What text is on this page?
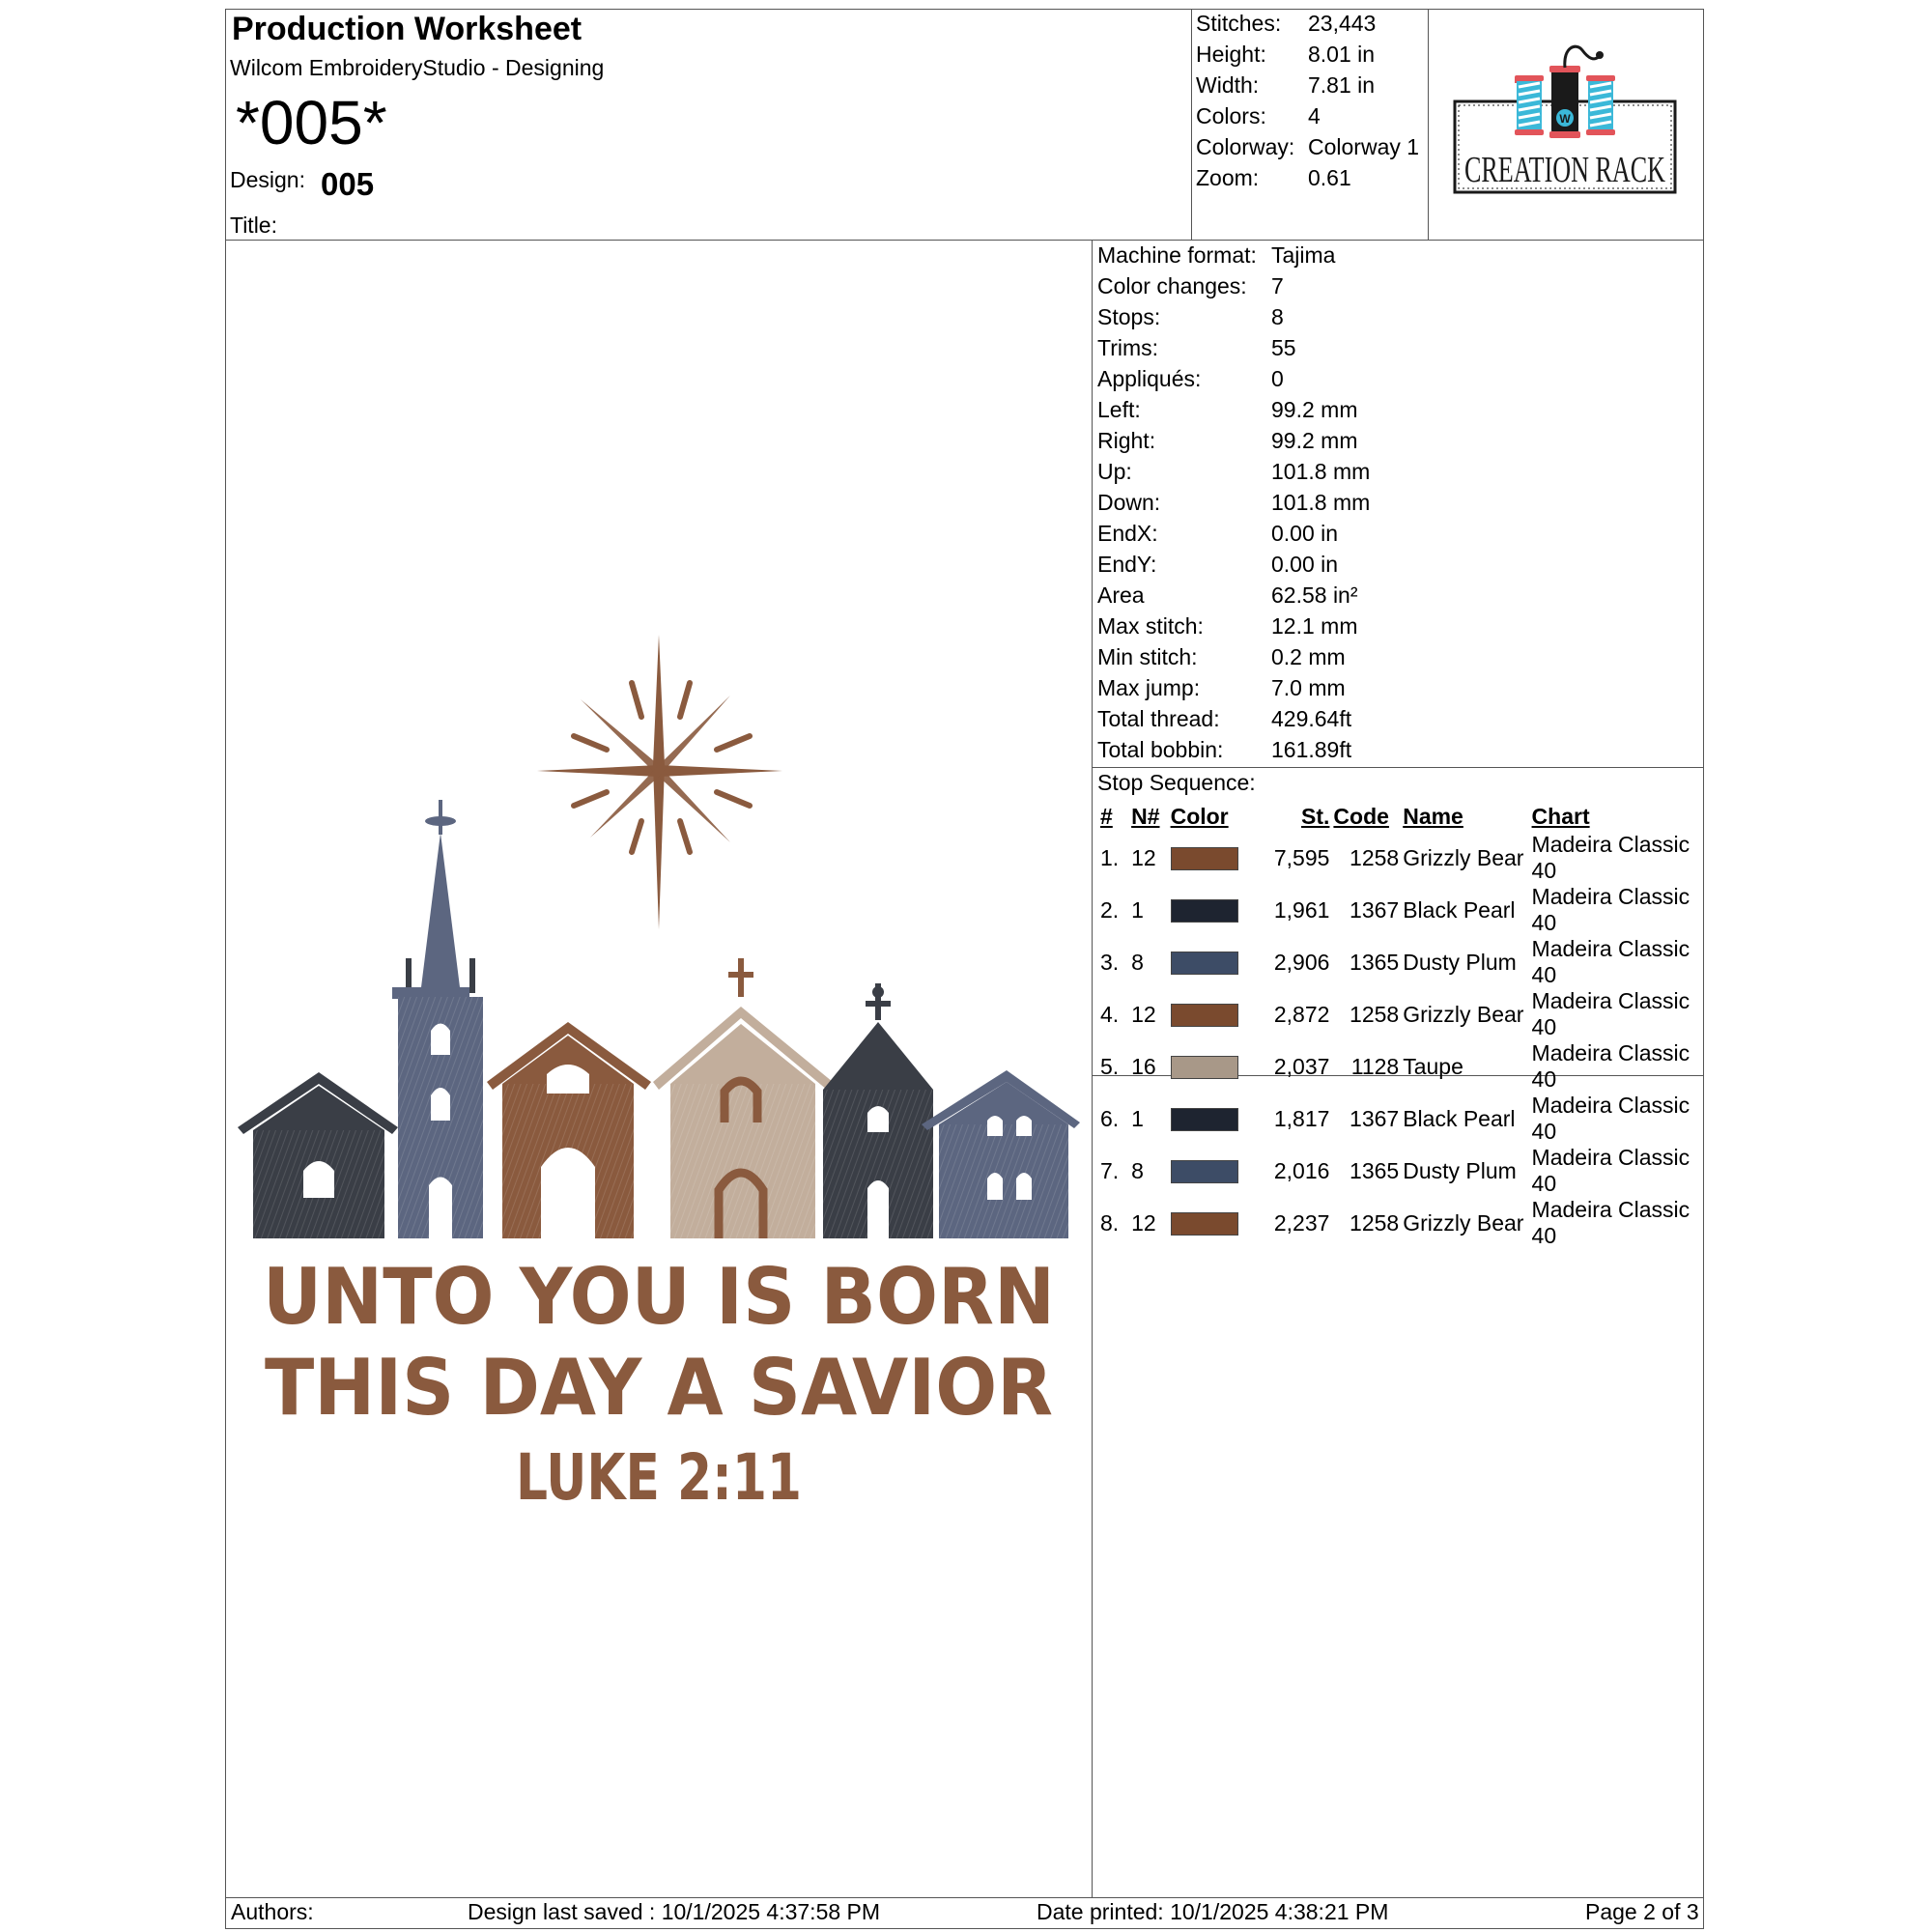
Production Worksheet
Wilcom EmbroideryStudio - Designing
*005*
Design: 005
Title:
Stitches: 23,443
Height: 8.01 in
Width: 7.81 in
Colors: 4
Colorway: Colorway 1
Zoom: 0.61
W
CREATION RACK
Machine format: Tajima
Color changes: 7
Stops:	8
Trims:	55
Appliqués:	0
Left:	99.2 mm
Right:	99.2 mm
Up:	101.8 mm
Down:	101.8 mm
EndX:	0.00 in
EndY:	0.00 in
Area	62.58 in²
Max stitch:	12.1 mm
Min stitch:	0.2 mm
Max jump:	7.0 mm
Total thread: 429.64ft
Total bobbin: 161.89ft
Stop Sequence:
#	N#	Color	St.	Code	Name	Chart
1.	12		7,595	1258	Grizzly Bear	Madeira Classic 40
2.	1		1,961	1367	Black Pearl	Madeira Classic 40
3.	8		2,906	1365	Dusty Plum	Madeira Classic 40
4.	12		2,872	1258	Grizzly Bear	Madeira Classic 40
5.	16		2,037	1128	Taupe	Madeira Classic 40
6.	1		1,817	1367	Black Pearl	Madeira Classic 40
7.	8		2,016	1365	Dusty Plum	Madeira Classic 40
8.	12		2,237	1258	Grizzly Bear	Madeira Classic 40
UNTO YOU IS BORN
THIS DAY A SAVIOR
LUKE 2:11
Authors:	Design last saved : 10/1/2025 4:37:58 PM	Date printed: 10/1/2025 4:38:21 PM	Page 2 of 3
